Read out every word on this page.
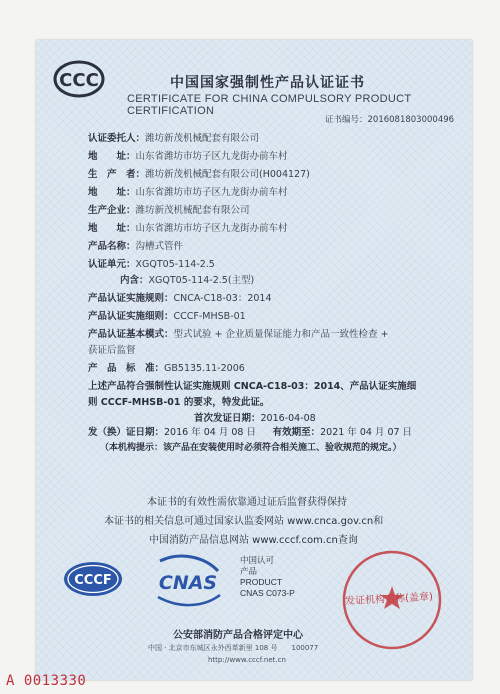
CCC	中国国家强制性产品认证证书
CERTIFICATE FOR CHINA COMPULSORY PRODUCT CERTIFICATION
证书编号：2016081803000496
认证委托人：潍坊新茂机械配套有限公司
地　　址：山东省潍坊市坊子区九龙街办前车村
生　产　者：潍坊新茂机械配套有限公司(H004127)
地　　址：山东省潍坊市坊子区九龙街办前车村
生产企业：潍坊新茂机械配套有限公司
地　　址：山东省潍坊市坊子区九龙街办前车村
产品名称：沟槽式管件
认证单元：XGQT05-114-2.5
内含：XGQT05-114-2.5(主型)
产品认证实施规则：CNCA-C18-03：2014
产品认证实施细则：CCCF-MHSB-01
产品认证基本模式：型式试验 + 企业质量保证能力和产品一致性检查 +
获证后监督
产　品　标　准：GB5135.11-2006
上述产品符合强制性认证实施规则 CNCA-C18-03：2014、产品认证实施细
则 CCCF-MHSB-01 的要求，特发此证。
首次发证日期：2016-04-08
发（换）证日期：2016 年 04 月 08 日 有效期至：2021 年 04 月 07 日
（本机构提示：该产品在安装使用时必须符合相关施工、验收规范的规定。）
本证书的有效性需依靠通过证后监督获得保持
本证书的相关信息可通过国家认监委网站 www.cnca.gov.cn和
中国消防产品信息网站 www.cccf.com.cn查询
CCCF CNAS
中国认可
产品
PRODUCT
CNAS C073-P	发证机构名称(盖章)
公安部消防产品合格评定中心
中国 · 北京市东城区永外西革新里 108 号　　100077
http://www.cccf.net.cn
A 0013330
